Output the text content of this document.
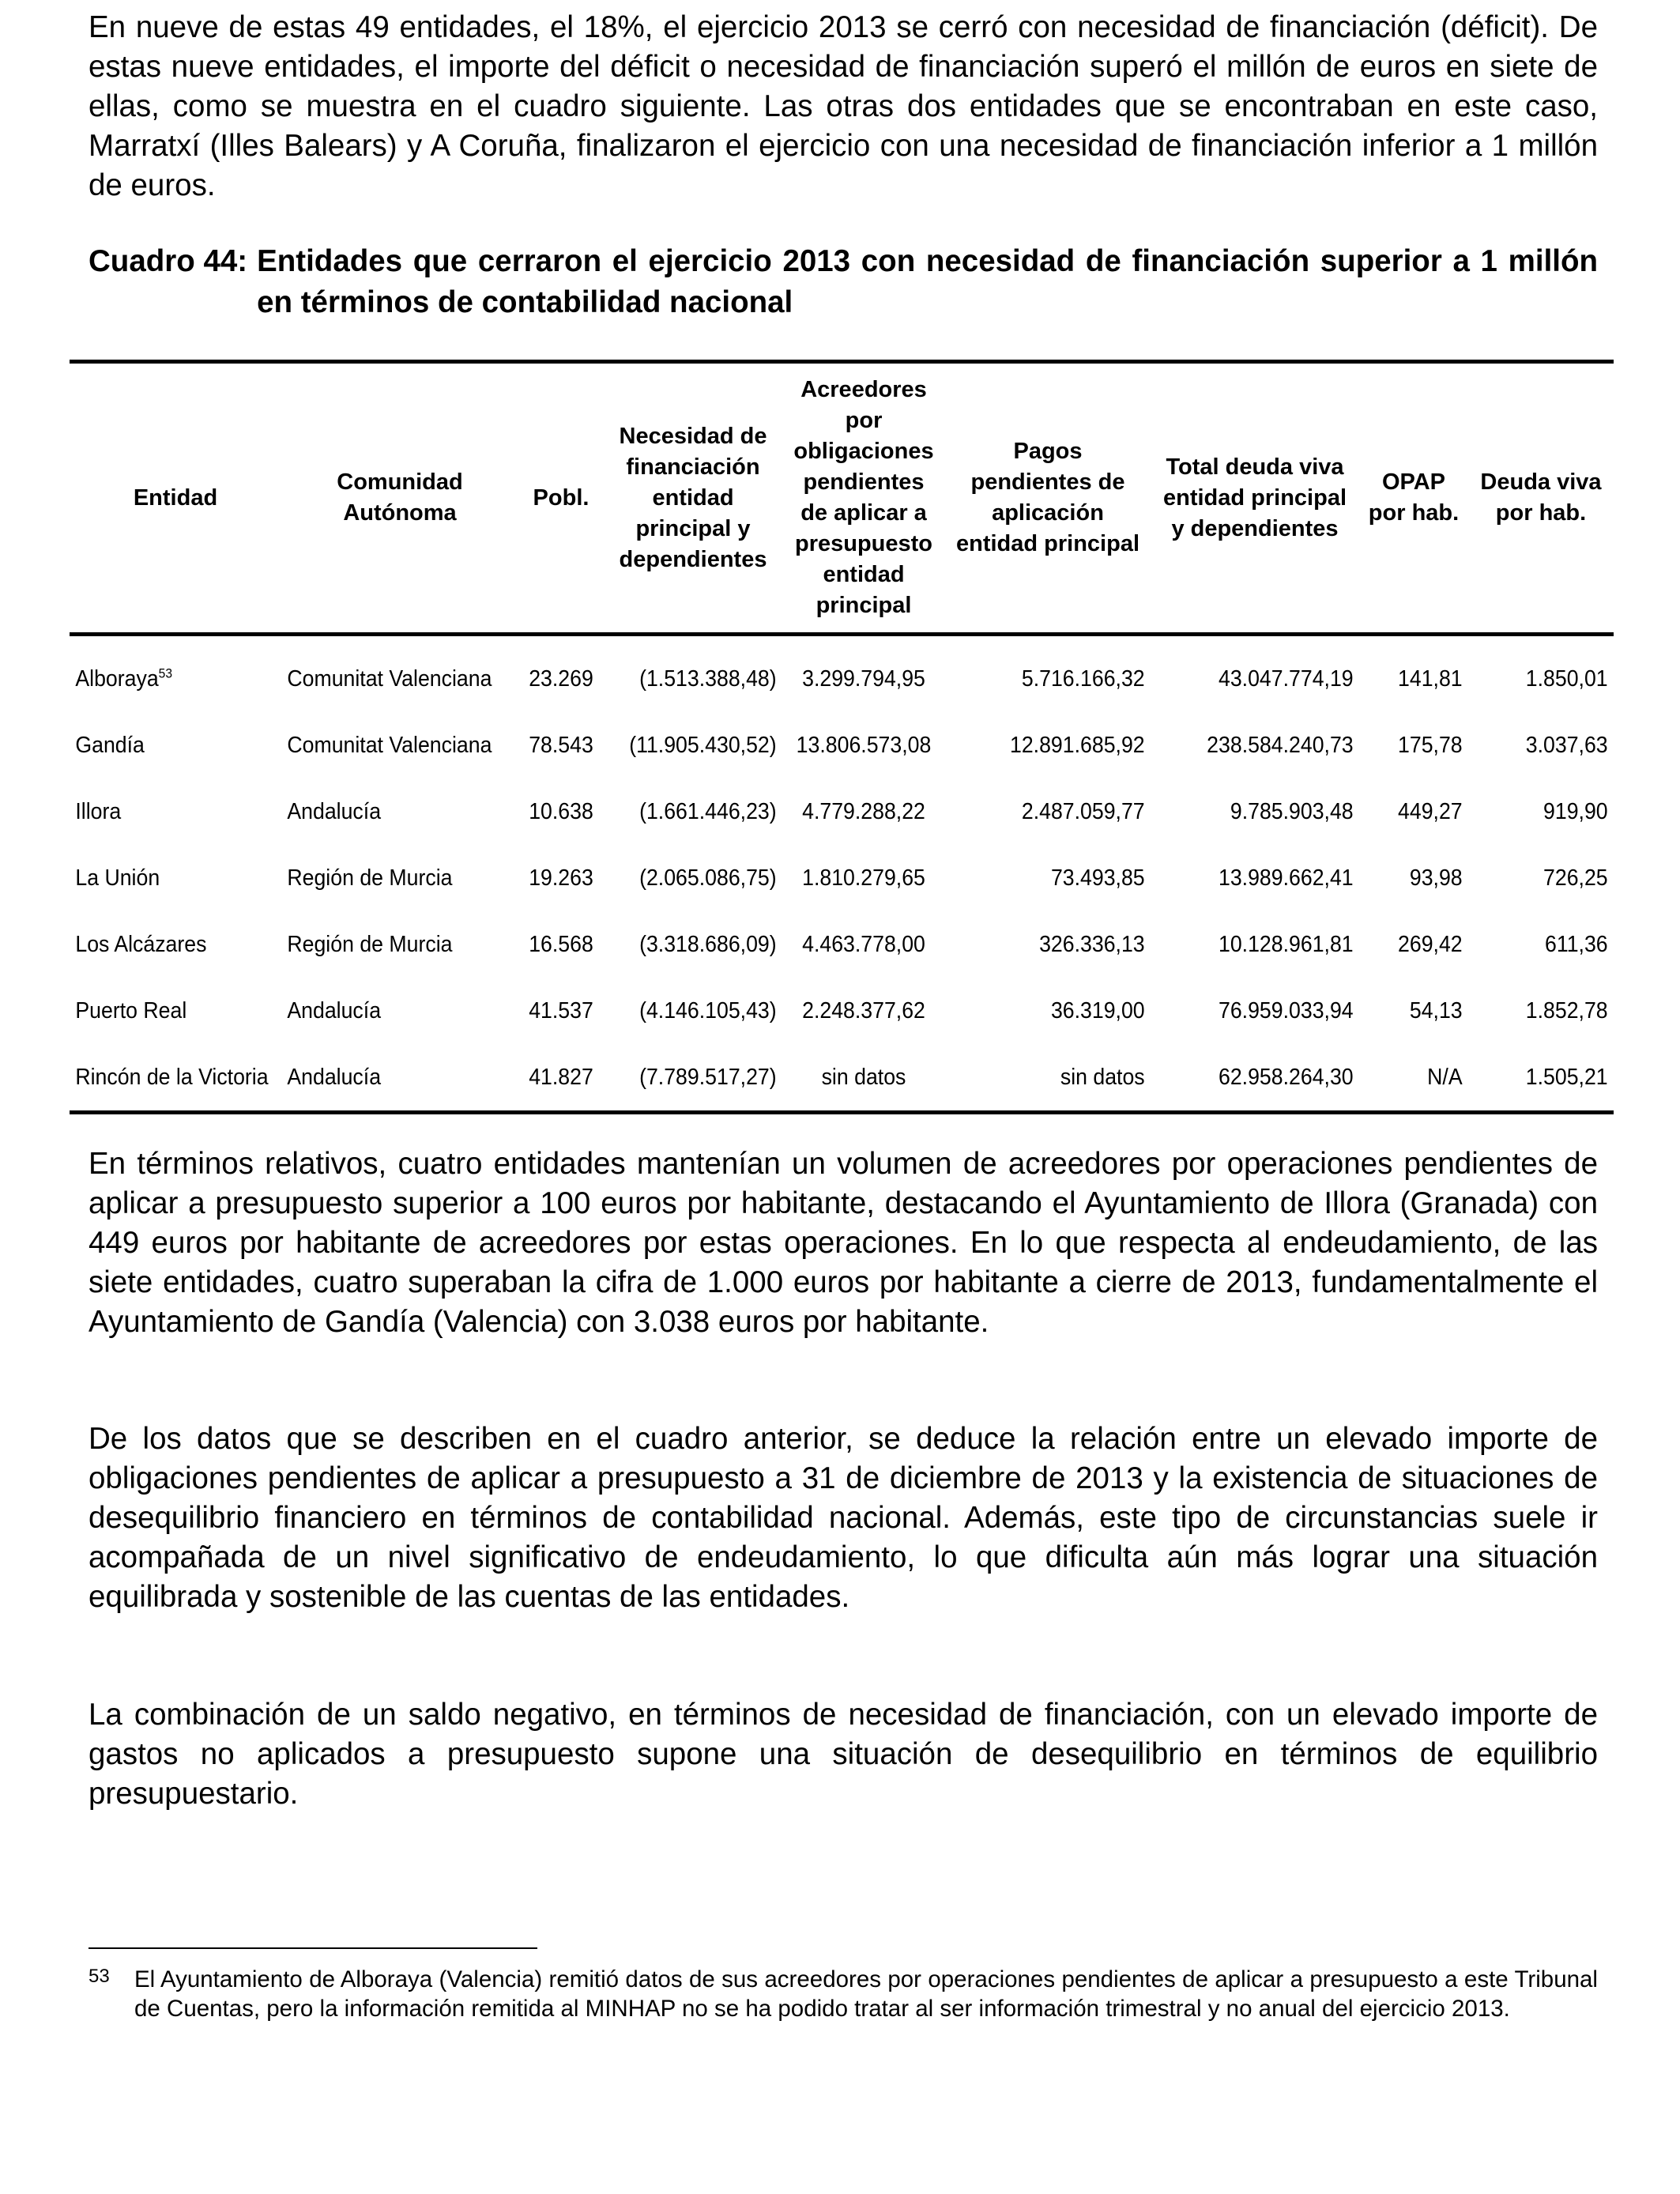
En nueve de estas 49 entidades, el 18%, el ejercicio 2013 se cerró con necesidad de financiación (déficit). De estas nueve entidades, el importe del déficit o necesidad de financiación superó el millón de euros en siete de ellas, como se muestra en el cuadro siguiente. Las otras dos entidades que se encontraban en este caso, Marratxí (Illes Balears) y A Coruña, finalizaron el ejercicio con una necesidad de financiación inferior a 1 millón de euros.

Cuadro 44: Entidades que cerraron el ejercicio 2013 con necesidad de financiación superior a 1 millón en términos de contabilidad nacional
Entidad	Comunidad Autónoma	Pobl.	Necesidad de financiación entidad principal y dependientes	Acreedores por obligaciones pendientes de aplicar a presupuesto entidad principal	Pagos pendientes de aplicación entidad principal	Total deuda viva entidad principal y dependientes	OPAP por hab.	Deuda viva por hab.
Alboraya$^{53}$	Comunitat Valenciana	23.269	(1.513.388,48)	3.299.794,95	5.716.166,32	43.047.774,19	141,81	1.850,01
Gandía	Comunitat Valenciana	78.543	(11.905.430,52)	13.806.573,08	12.891.685,92	238.584.240,73	175,78	3.037,63
Illora	Andalucía	10.638	(1.661.446,23)	4.779.288,22	2.487.059,77	9.785.903,48	449,27	919,90
La Unión	Región de Murcia	19.263	(2.065.086,75)	1.810.279,65	73.493,85	13.989.662,41	93,98	726,25
Los Alcázares	Región de Murcia	16.568	(3.318.686,09)	4.463.778,00	326.336,13	10.128.961,81	269,42	611,36
Puerto Real	Andalucía	41.537	(4.146.105,43)	2.248.377,62	36.319,00	76.959.033,94	54,13	1.852,78
Rincón de la Victoria	Andalucía	41.827	(7.789.517,27)	sin datos	sin datos	62.958.264,30	N/A	1.505,21

En términos relativos, cuatro entidades mantenían un volumen de acreedores por operaciones pendientes de aplicar a presupuesto superior a 100 euros por habitante, destacando el Ayuntamiento de Illora (Granada) con 449 euros por habitante de acreedores por estas operaciones. En lo que respecta al endeudamiento, de las siete entidades, cuatro superaban la cifra de 1.000 euros por habitante a cierre de 2013, fundamentalmente el Ayuntamiento de Gandía (Valencia) con 3.038 euros por habitante.

De los datos que se describen en el cuadro anterior, se deduce la relación entre un elevado importe de obligaciones pendientes de aplicar a presupuesto a 31 de diciembre de 2013 y la existencia de situaciones de desequilibrio financiero en términos de contabilidad nacional. Además, este tipo de circunstancias suele ir acompañada de un nivel significativo de endeudamiento, lo que dificulta aún más lograr una situación equilibrada y sostenible de las cuentas de las entidades.

La combinación de un saldo negativo, en términos de necesidad de financiación, con un elevado importe de gastos no aplicados a presupuesto supone una situación de desequilibrio en términos de equilibrio presupuestario.

53	El Ayuntamiento de Alboraya (Valencia) remitió datos de sus acreedores por operaciones pendientes de aplicar a presupuesto a este Tribunal de Cuentas, pero la información remitida al MINHAP no se ha podido tratar al ser información trimestral y no anual del ejercicio 2013.
